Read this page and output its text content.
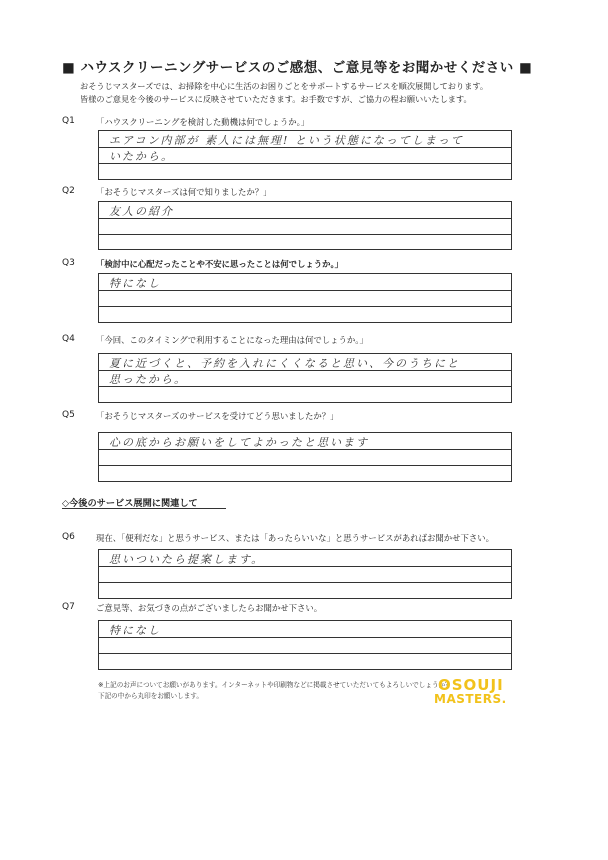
■ ハウスクリーニングサービスのご感想、ご意見等をお聞かせください ■
おそうじマスターズでは、お掃除を中心に生活のお困りごとをサポートするサービスを順次展開しております。
皆様のご意見を今後のサービスに反映させていただきます。お手数ですが、ご協力の程お願いいたします。
Q1	「ハウスクリーニングを検討した動機は何でしょうか。」
エアコン内部が 素人には無理! という状態になってしまって
いたから。
Q2	「おそうじマスターズは何で知りましたか？」
友人の紹介
Q3	「検討中に心配だったことや不安に思ったことは何でしょうか。」
特になし
Q4	「今回、このタイミングで利用することになった理由は何でしょうか。」
夏に近づくと、予約を入れにくくなると思い、今のうちにと
思ったから。
Q5	「おそうじマスターズのサービスを受けてどう思いましたか？」
心の底からお願いをしてよかったと思います
◇今後のサービス展開に関連して
Q6	現在、「便利だな」と思うサービス、または「あったらいいな」と思うサービスがあればお聞かせ下さい。
思いついたら提案します。
Q7	ご意見等、お気づきの点がございましたらお聞かせ下さい。
特になし
※上記のお声についてお願いがあります。インターネットや印刷物などに掲載させていただいてもよろしいでしょうか？
下記の中から丸印をお願いします。
OSOUJI
MASTERS.
